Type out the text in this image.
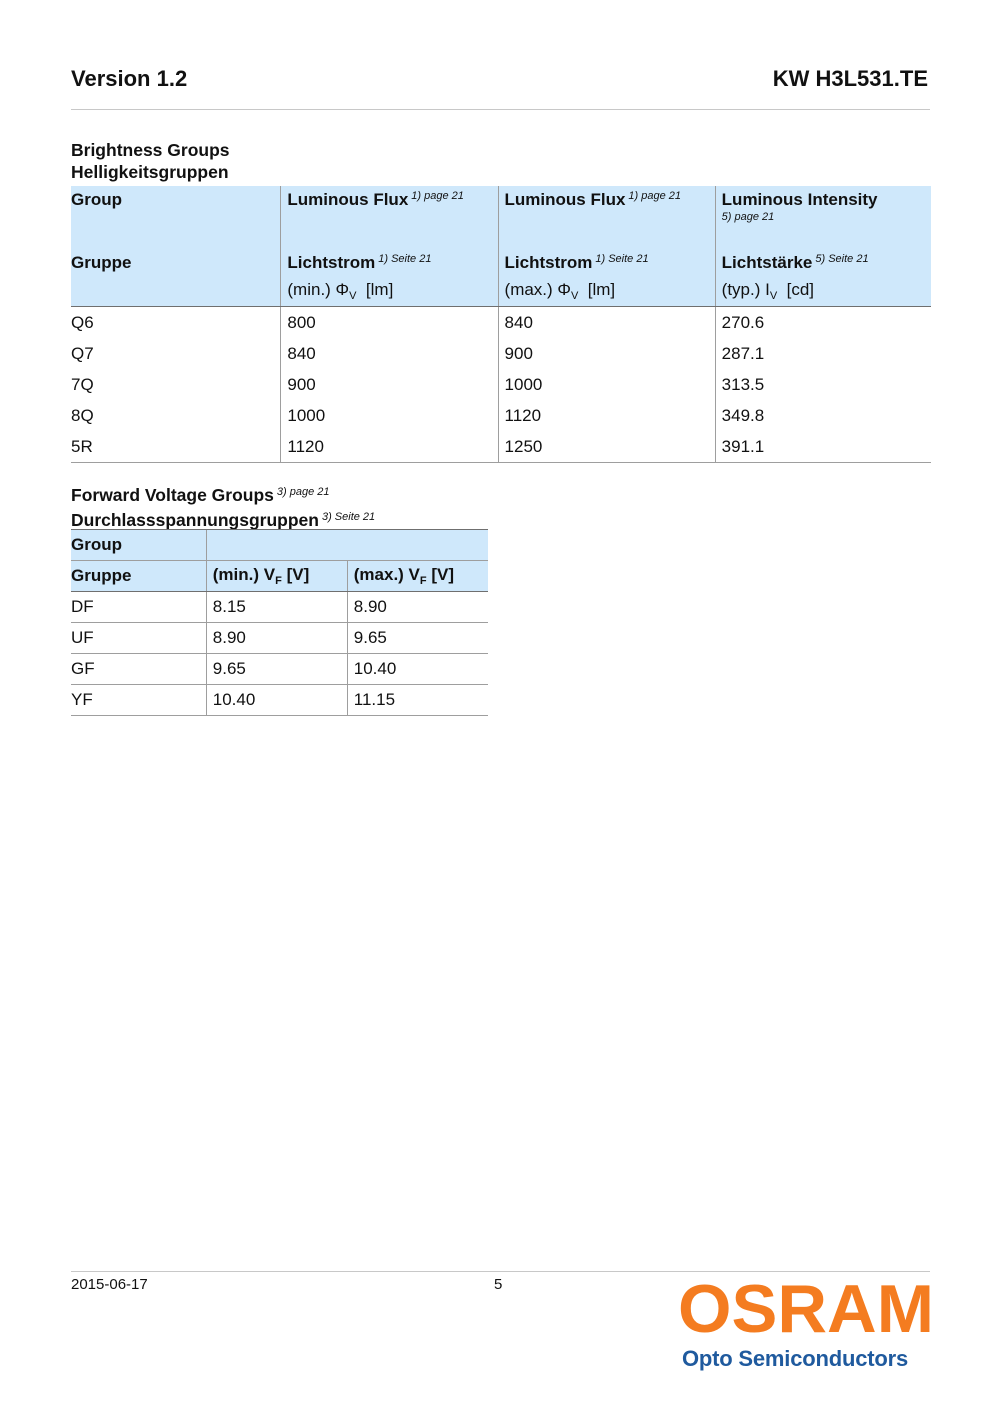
Version 1.2	KW H3L531.TE
Brightness Groups
Helligkeitsgruppen
Group	Luminous Flux $^{1) page 21}$	Luminous Flux $^{1) page 21}$	Luminous Intensity
5) page 21

Gruppe	Lichtstrom $^{1) Seite 21}$	Lichtstrom $^{1) Seite 21}$	Lichtstärke $^{5) Seite 21}$
	(min.) $\Phi_V$  [lm]	(max.) $\Phi_V$  [lm]	(typ.) $I_V$  [cd]
Q6	800	840	270.6
Q7	840	900	287.1
7Q	900	1000	313.5
8Q	1000	1120	349.8
5R	1120	1250	391.1
Forward Voltage Groups $^{3) page 21}$
Durchlassspannungsgruppen $^{3) Seite 21}$
Group		
Gruppe	(min.) $V_F$ [V]	(max.) $V_F$ [V]
DF	8.15	8.90
UF	8.90	9.65
GF	9.65	10.40
YF	10.40	11.15
2015-06-17	5	OSRAM
Opto Semiconductors
